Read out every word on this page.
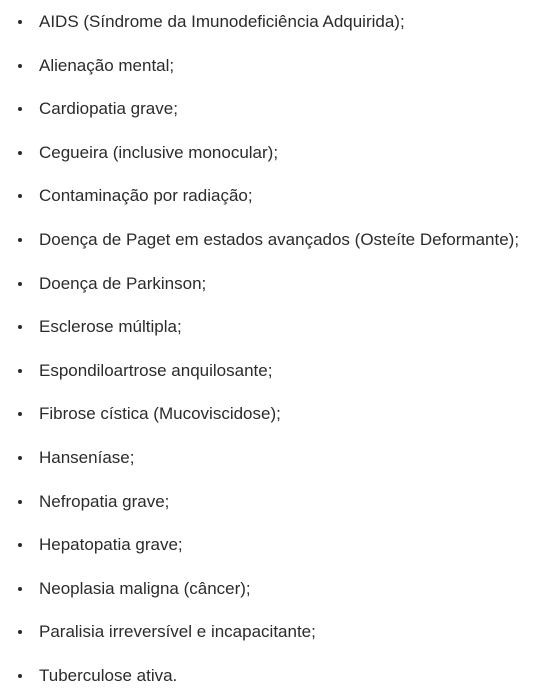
AIDS (Síndrome da Imunodeficiência Adquirida);
Alienação mental;
Cardiopatia grave;
Cegueira (inclusive monocular);
Contaminação por radiação;
Doença de Paget em estados avançados (Osteíte Deformante);
Doença de Parkinson;
Esclerose múltipla;
Espondiloartrose anquilosante;
Fibrose cística (Mucoviscidose);
Hanseníase;
Nefropatia grave;
Hepatopatia grave;
Neoplasia maligna (câncer);
Paralisia irreversível e incapacitante;
Tuberculose ativa.
